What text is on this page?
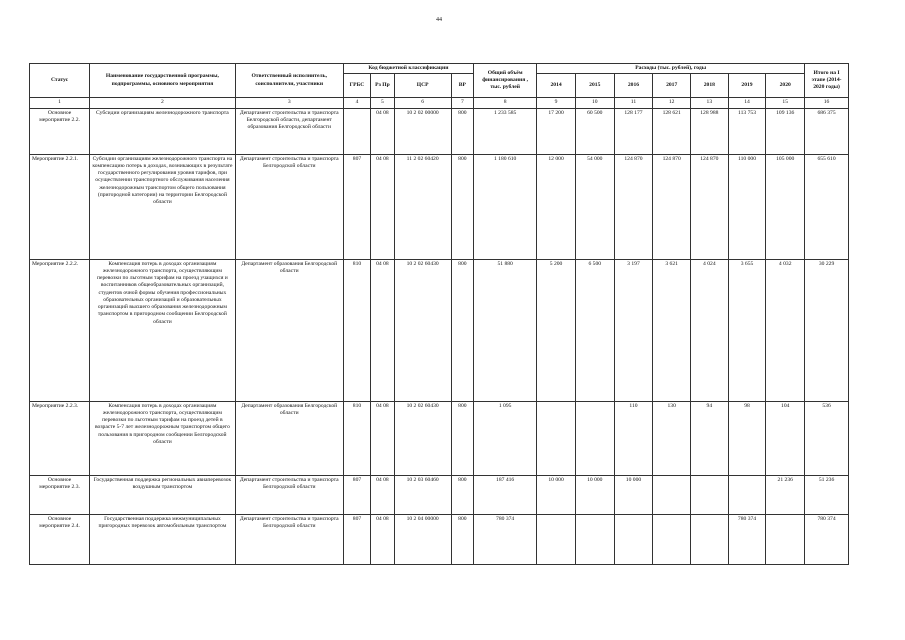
44
Статус	Наименование государственной программы, подпрограммы, основного мероприятия	Ответственный исполнитель, соисполнители, участники	Код бюджетной классификации				Общий объём финансирования , тыс. рублей	Расходы (тыс. рублей), годы							Итого на I этапе (2014-2020 годы)
			ГРБС	Рз Пр	ЦСР	ВР		2014	2015	2016	2017	2018	2019	2020	
1	2	3	4	5	6	7	8	9	10	11	12	13	14	15	16
Основное мероприятие 2.2.	Субсидии организациям железнодорожного транспорта	Департамент строительства и транспорта Белгородской области, департамент образования Белгородской области		04 08	10 2 02 00000	800	1 233 585	17 200	60 500	128 177	128 621	128 988	113 753	109 136	686 375
Мероприятие 2.2.1.	Субсидии организациям железнодорожного транспорта на компенсацию потерь в доходах, возникающих в результате государственного регулирования уровня тарифов, при осуществлении транспортного обслуживания населения железнодорожным транспортом общего пользования (пригородной категории) на территории Белгородской области	Департамент строительства и транспорта Белгородской области	807	04 08	11 2 02 60420	800	1 180 610	12 000	54 000	124 870	124 870	124 870	110 000	105 000	655 610
Мероприятие 2.2.2.	Компенсация потерь в доходах организациям железнодорожного транспорта, осуществляющим перевозки по льготным тарифам на проезд учащихся и воспитанников общеобразовательных организаций, студентов очной формы обучения профессиональных образовательных организаций и образовательных организаций высшего образования железнодорожным транспортом в пригородном сообщении Белгородской области	Департамент образования Белгородской области	810	04 08	10 2 02 60430	800	51 880	5 200	6 500	3 197	3 621	4 024	3 655	4 032	30 229
Мероприятие 2.2.3.	Компенсация потерь в доходах организациям железнодорожного транспорта, осуществляющим перевозки по льготным тарифам на проезд детей в возрасте 5-7 лет железнодорожным транспортом общего пользования в пригородном сообщении Белгородской области	Департамент образования Белгородской области	810	04 08	10 2 02 60430	800	1 095			110	130	94	98	104	536
Основное мероприятие 2.3.	Государственная поддержка региональных авиаперевозок воздушным транспортом	Департамент строительства и транспорта Белгородской области	807	04 08	10 2 03 60460	800	187 416	10 000	10 000	10 000				21 236	51 236
Основное мероприятие 2.4.	Государственная поддержка межмуниципальных пригородных перевозок автомобильным транспортом	Департамент строительства и транспорта Белгородской области	807	04 08	10 2 04 00000	800	780 374						780 374		780 374
